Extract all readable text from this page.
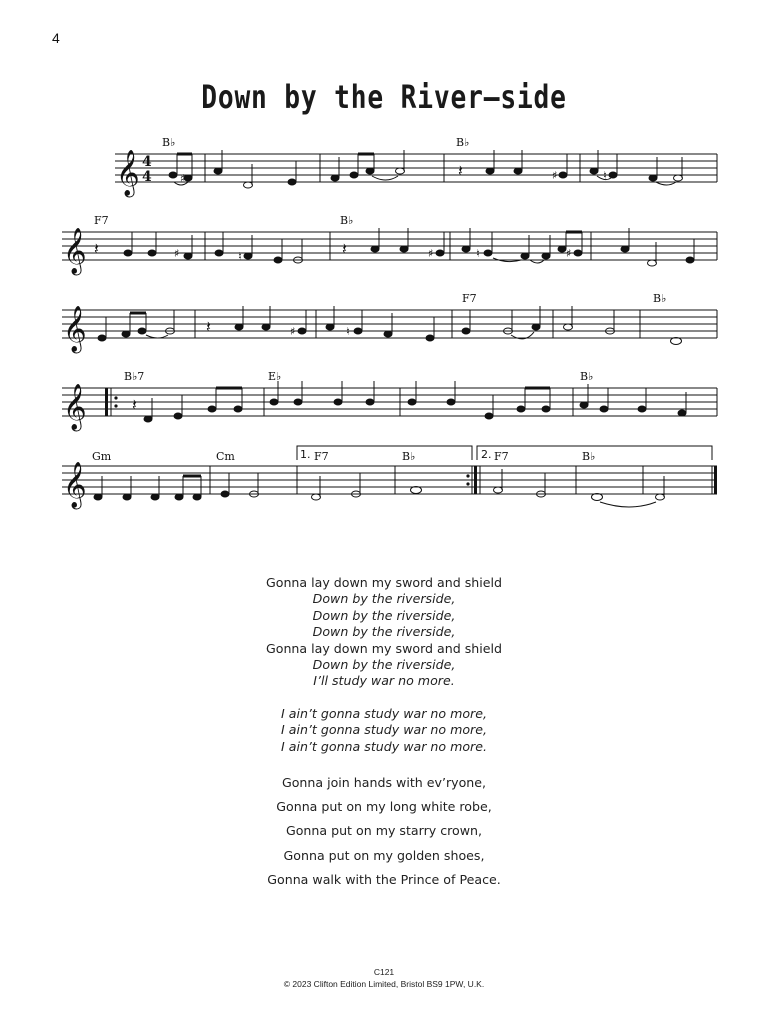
4
Down by the River–side
𝄞
𝄞
𝄞
𝄞
𝄞
4
4	𝄽
𝄽	𝄽
𝄽
𝄽
♯	♯	♮
♯	♮	♯	♮	♯
♯	♮
B♭	B♭
F7	B♭
F7	B♭
B♭7	E♭	B♭
Gm	Cm	F7	B♭	F7	B♭
1.	2.
Gonna lay down my sword and shield
Down by the riverside,
Down by the riverside,
Down by the riverside,
Gonna lay down my sword and shield
Down by the riverside,
I’ll study war no more.
I ain’t gonna study war no more,
I ain’t gonna study war no more,
I ain’t gonna study war no more.
Gonna join hands with ev’ryone,
Gonna put on my long white robe,
Gonna put on my starry crown,
Gonna put on my golden shoes,
Gonna walk with the Prince of Peace.
C121
© 2023 Clifton Edition Limited, Bristol BS9 1PW, U.K.
